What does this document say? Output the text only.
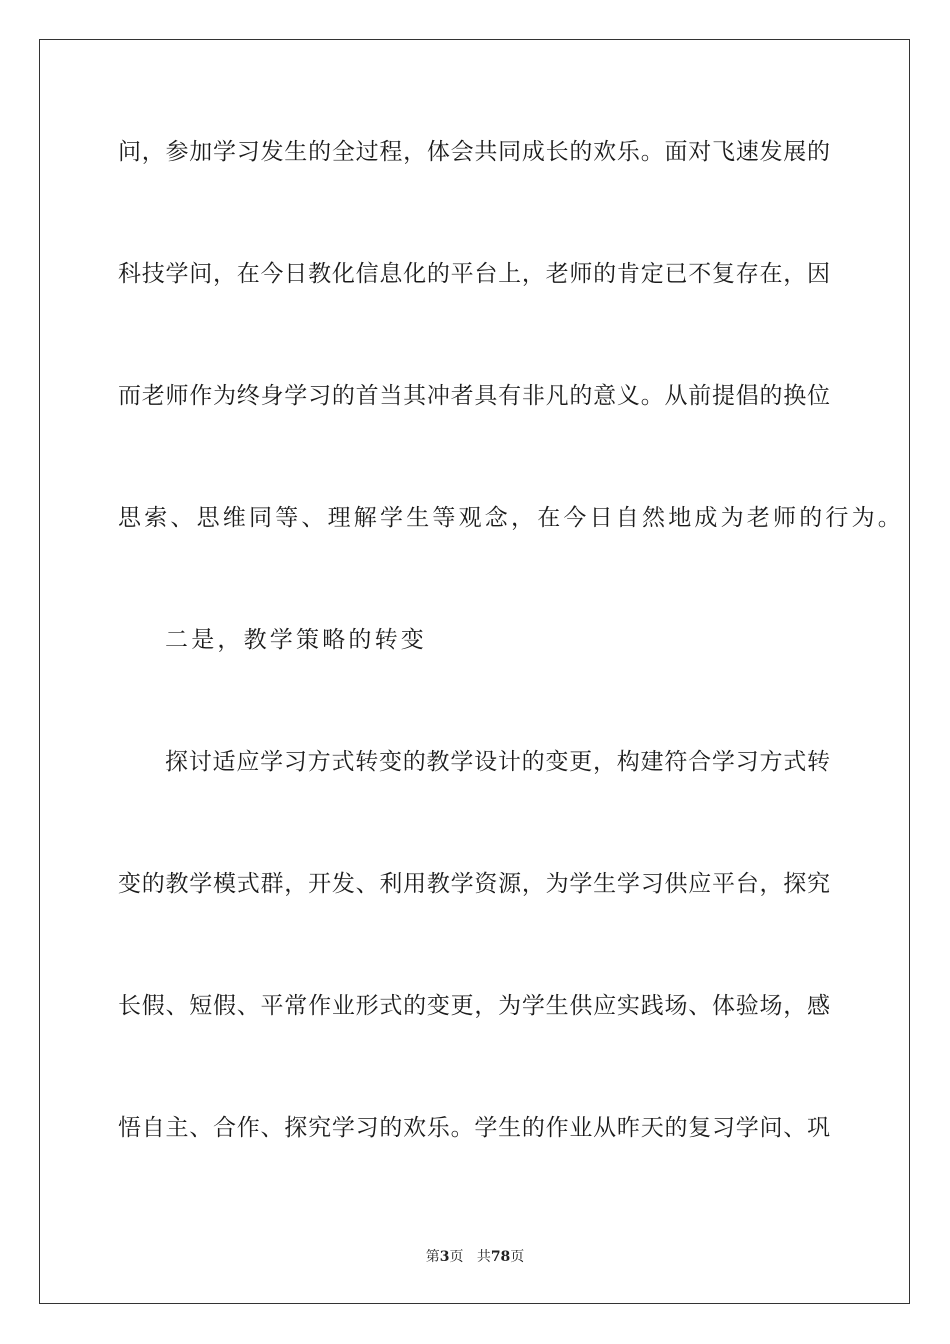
问，参加学习发生的全过程，体会共同成长的欢乐。面对飞速发展的
科技学问，在今日教化信息化的平台上，老师的肯定已不复存在，因
而老师作为终身学习的首当其冲者具有非凡的意义。从前提倡的换位
思索、思维同等、理解学生等观念，在今日自然地成为老师的行为。
二是，教学策略的转变
探讨适应学习方式转变的教学设计的变更，构建符合学习方式转
变的教学模式群，开发、利用教学资源，为学生学习供应平台，探究
长假、短假、平常作业形式的变更，为学生供应实践场、体验场，感
悟自主、合作、探究学习的欢乐。学生的作业从昨天的复习学问、巩
第3页 共78页
